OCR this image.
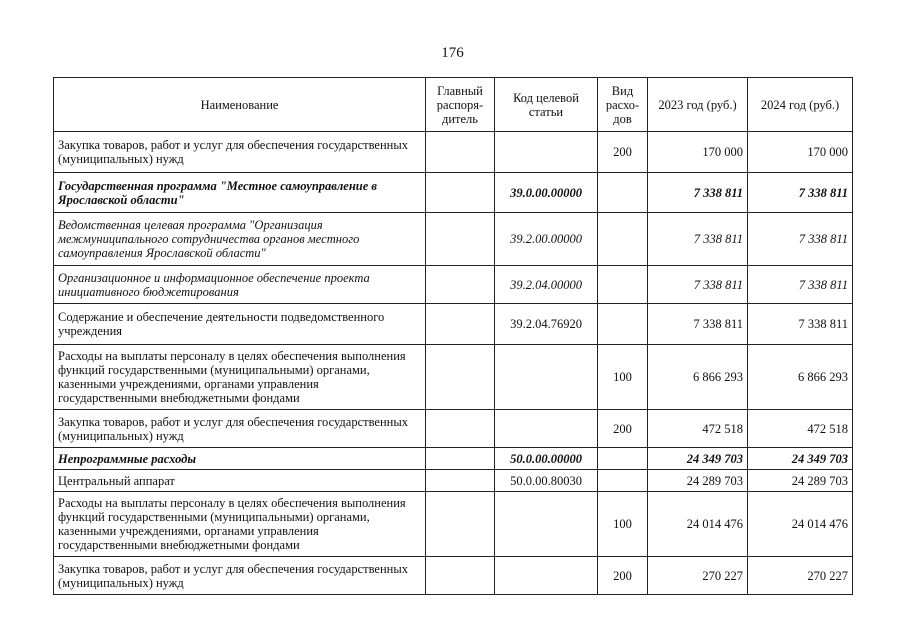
176
Наименование	Главный распоря-дитель	Код целевой статьи	Вид расхо-дов	2023 год (руб.)	2024 год (руб.)
Закупка товаров, работ и услуг для обеспечения государственных (муниципальных) нужд			200	170 000	170 000
Государственная программа "Местное самоуправление в Ярославской области"		39.0.00.00000		7 338 811	7 338 811
Ведомственная целевая программа "Организация межмуниципального сотрудничества органов местного самоуправления Ярославской области"		39.2.00.00000		7 338 811	7 338 811
Организационное и информационное обеспечение проекта инициативного бюджетирования		39.2.04.00000		7 338 811	7 338 811
Содержание и обеспечение деятельности подведомственного учреждения		39.2.04.76920		7 338 811	7 338 811
Расходы на выплаты персоналу в целях обеспечения выполнения функций государственными (муниципальными) органами, казенными учреждениями, органами управления государственными внебюджетными фондами			100	6 866 293	6 866 293
Закупка товаров, работ и услуг для обеспечения государственных (муниципальных) нужд			200	472 518	472 518
Непрограммные расходы		50.0.00.00000		24 349 703	24 349 703
Центральный аппарат		50.0.00.80030		24 289 703	24 289 703
Расходы на выплаты персоналу в целях обеспечения выполнения функций государственными (муниципальными) органами, казенными учреждениями, органами управления государственными внебюджетными фондами			100	24 014 476	24 014 476
Закупка товаров, работ и услуг для обеспечения государственных (муниципальных) нужд			200	270 227	270 227
